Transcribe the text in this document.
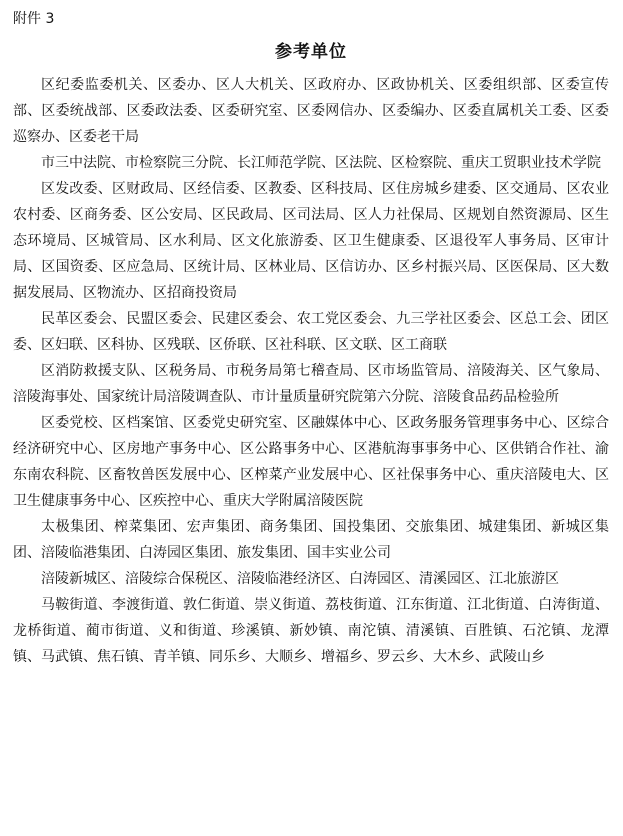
附件 3

参考单位

区纪委监委机关、区委办、区人大机关、区政府办、区政协机关、区委组织部、区委宣传部、区委统战部、区委政法委、区委研究室、区委网信办、区委编办、区委直属机关工委、区委巡察办、区委老干局

市三中法院、市检察院三分院、长江师范学院、区法院、区检察院、重庆工贸职业技术学院

区发改委、区财政局、区经信委、区教委、区科技局、区住房城乡建委、区交通局、区农业农村委、区商务委、区公安局、区民政局、区司法局、区人力社保局、区规划自然资源局、区生态环境局、区城管局、区水利局、区文化旅游委、区卫生健康委、区退役军人事务局、区审计局、区国资委、区应急局、区统计局、区林业局、区信访办、区乡村振兴局、区医保局、区大数据发展局、区物流办、区招商投资局

民革区委会、民盟区委会、民建区委会、农工党区委会、九三学社区委会、区总工会、团区委、区妇联、区科协、区残联、区侨联、区社科联、区文联、区工商联

区消防救援支队、区税务局、市税务局第七稽查局、区市场监管局、涪陵海关、区气象局、涪陵海事处、国家统计局涪陵调查队、市计量质量研究院第六分院、涪陵食品药品检验所

区委党校、区档案馆、区委党史研究室、区融媒体中心、区政务服务管理事务中心、区综合经济研究中心、区房地产事务中心、区公路事务中心、区港航海事事务中心、区供销合作社、渝东南农科院、区畜牧兽医发展中心、区榨菜产业发展中心、区社保事务中心、重庆涪陵电大、区卫生健康事务中心、区疾控中心、重庆大学附属涪陵医院

太极集团、榨菜集团、宏声集团、商务集团、国投集团、交旅集团、城建集团、新城区集团、涪陵临港集团、白涛园区集团、旅发集团、国丰实业公司

涪陵新城区、涪陵综合保税区、涪陵临港经济区、白涛园区、清溪园区、江北旅游区

马鞍街道、李渡街道、敦仁街道、崇义街道、荔枝街道、江东街道、江北街道、白涛街道、龙桥街道、蔺市街道、义和街道、珍溪镇、新妙镇、南沱镇、清溪镇、百胜镇、石沱镇、龙潭镇、马武镇、焦石镇、青羊镇、同乐乡、大顺乡、增福乡、罗云乡、大木乡、武陵山乡
